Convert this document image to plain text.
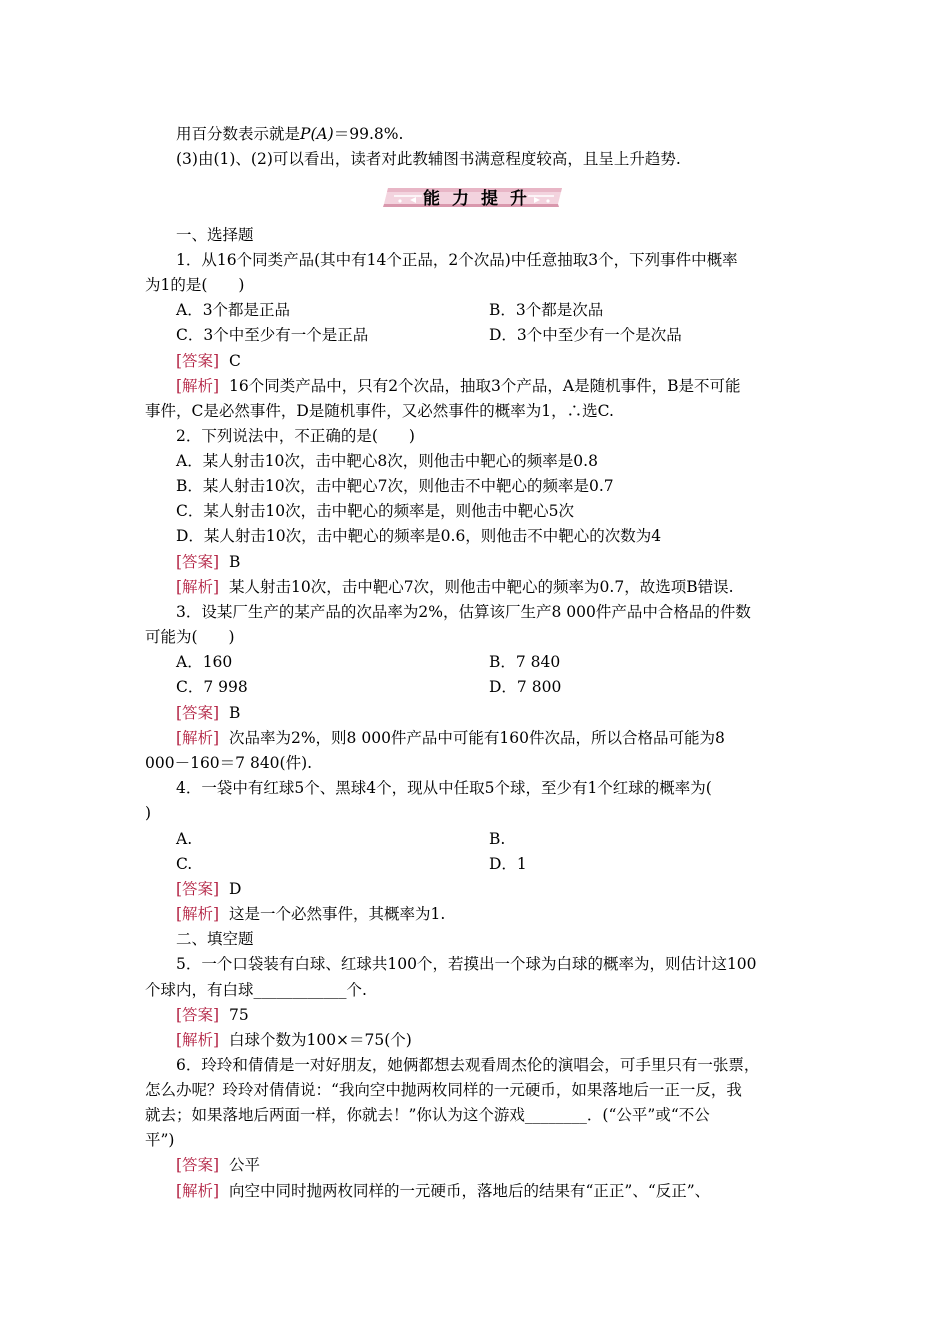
用百分数表示就是P(A)＝99.8%.
(3)由(1)、(2)可以看出，读者对此教辅图书满意程度较高，且呈上升趋势.
能力提升
一、选择题
1．从16个同类产品(其中有14个正品，2个次品)中任意抽取3个，下列事件中概率
为1的是(　　)
A．3个都是正品	B．3个都是次品
C．3个中至少有一个是正品	D．3个中至少有一个是次品
[答案] C
[解析] 16个同类产品中，只有2个次品，抽取3个产品，A是随机事件，B是不可能
事件，C是必然事件，D是随机事件，又必然事件的概率为1，∴选C.
2．下列说法中，不正确的是(　　)
A．某人射击10次，击中靶心8次，则他击中靶心的频率是0.8
B．某人射击10次，击中靶心7次，则他击不中靶心的频率是0.7
C．某人射击10次，击中靶心的频率是，则他击中靶心5次
D．某人射击10次，击中靶心的频率是0.6，则他击不中靶心的次数为4
[答案] B
[解析] 某人射击10次，击中靶心7次，则他击中靶心的频率为0.7，故选项B错误.
3．设某厂生产的某产品的次品率为2%，估算该厂生产8 000件产品中合格品的件数
可能为(　　)
A．160	B．7 840
C．7 998	D．7 800
[答案] B
[解析] 次品率为2%，则8 000件产品中可能有160件次品，所以合格品可能为8
000－160＝7 840(件).
4．一袋中有红球5个、黑球4个，现从中任取5个球，至少有1个红球的概率为(
)
A.	B.
C.	D．1
[答案] D
[解析] 这是一个必然事件，其概率为1.
二、填空题
5．一个口袋装有白球、红球共100个，若摸出一个球为白球的概率为，则估计这100
个球内，有白球____________个.
[答案] 75
[解析] 白球个数为100×＝75(个)
6．玲玲和倩倩是一对好朋友，她俩都想去观看周杰伦的演唱会，可手里只有一张票，
怎么办呢？玲玲对倩倩说：“我向空中抛两枚同样的一元硬币，如果落地后一正一反，我
就去；如果落地后两面一样，你就去！”你认为这个游戏________．(“公平”或“不公
平”)
[答案] 公平
[解析] 向空中同时抛两枚同样的一元硬币，落地后的结果有“正正”、“反正”、
